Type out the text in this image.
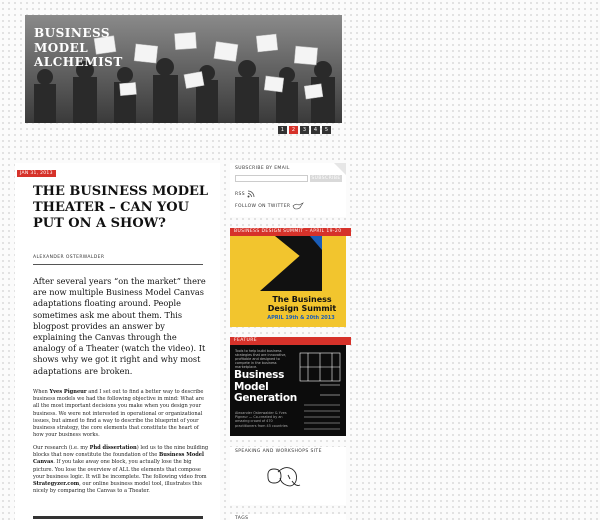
BUSINESS
MODEL
ALCHEMIST
1	2	3	4	5
JAN 31, 2013
THE BUSINESS MODEL THEATER – CAN YOU PUT ON A SHOW?
ALEXANDER OSTERWALDER
After several years “on the market” there are now multiple Business Model Canvas adaptations floating around. People sometimes ask me about them. This blogpost provides an answer by explaining the Canvas through the analogy of a Theater (watch the video). It shows why we got it right and why most adaptations are broken.
When Yves Pigneur and I set out to find a better way to describe business models we had the following objective in mind: What are all the most important decisions you make when you design your business. We were not interested in operational or organizational issues, but aimed to find a way to describe the blueprint of your business strategy, the core elements that constitute the heart of how your business works.
Our research (i.e. my Phd dissertation) led us to the nine building blocks that now constitute the foundation of the Business Model Canvas. If you take away one block, you actually lose the big picture. You lose the overview of ALL the elements that compose your business logic. It will be incomplete. The following video from Strategyzer.com, our online business model tool, illustrates this nicely by comparing the Canvas to a Theater.
SUBSCRIBE BY EMAIL
SUBSCRIBE
RSS
FOLLOW ON TWITTER
BUSINESS DESIGN SUMMIT – APRIL 19-20
The Business Design Summit
APRIL 19th & 20th 2013
FEATURE
Tools to help build business strategies that are innovative, profitable and designed to compete in the business marketplace.
Business Model Generation
Alexander Osterwalder & Yves Pigneur — Co-created by an amazing crowd of 470 practitioners from 45 countries
SPEAKING AND WORKSHOPS SITE
TAGS
